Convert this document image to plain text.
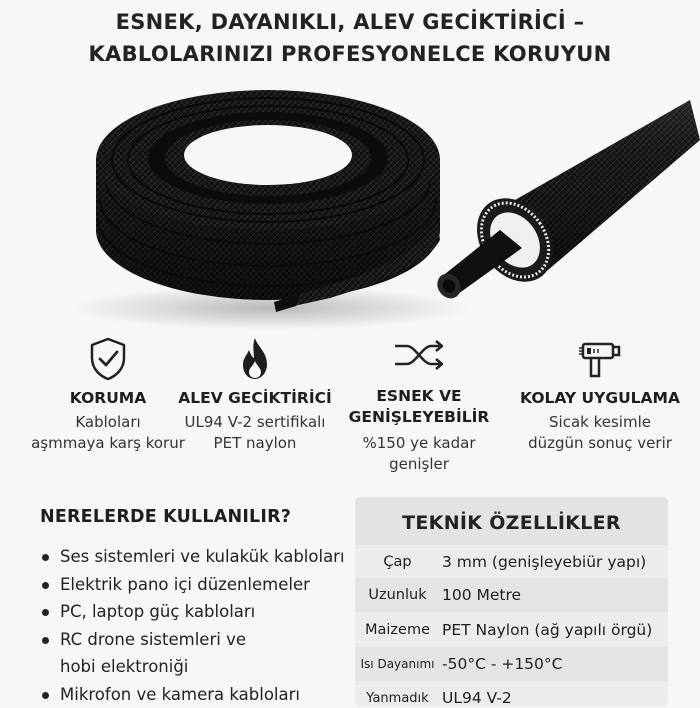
ESNEK, DAYANIKLI, ALEV GECİKTİRİCİ –
KABLOLARINIZI PROFESYONELCE KORUYUN
KORUMA
Kabloları
aşmmaya karş korur
ALEV GECİKTİRİCİ
UL94 V-2 sertifikalı
PET naylon
ESNEK VE
GENİŞLEYEBİLİR
%150 ye kadar
genişler
KOLAY UYGULAMA
Sicak kesimle
düzgün sonuç verir
NERELERDE KULLANILIR?
Ses sistemleri ve kulakük kabloları
Elektrik pano içi düzenlemeler
PC, laptop güç kabloları
RC drone sistemleri ve
hobi elektroniği
Mikrofon ve kamera kabloları
TEKNİK ÖZELLİKLER
Çap	3 mm (genişleyebiür yapı)
Uzunluk 100 Metre
Maizeme PET Naylon (ağ yapılı örgü)
Isı Dayanımı -50°C - +150°C
Yanmadık UL94 V-2
